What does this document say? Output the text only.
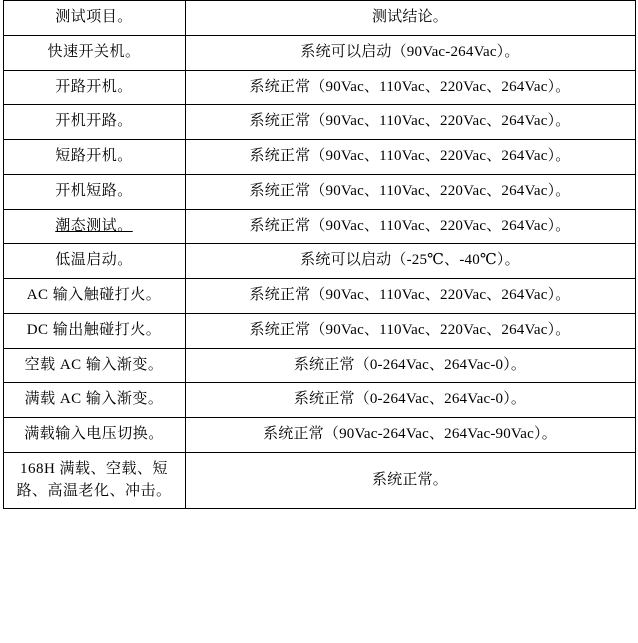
测试项目。	测试结论。
快速开关机。	系统可以启动（90Vac-264Vac）。
开路开机。	系统正常（90Vac、110Vac、220Vac、264Vac）。
开机开路。	系统正常（90Vac、110Vac、220Vac、264Vac）。
短路开机。	系统正常（90Vac、110Vac、220Vac、264Vac）。
开机短路。	系统正常（90Vac、110Vac、220Vac、264Vac）。
潮态测试。	系统正常（90Vac、110Vac、220Vac、264Vac）。
低温启动。	系统可以启动（-25℃、-40℃）。
AC 输入触碰打火。	系统正常（90Vac、110Vac、220Vac、264Vac）。
DC 输出触碰打火。	系统正常（90Vac、110Vac、220Vac、264Vac）。
空载 AC 输入渐变。	系统正常（0-264Vac、264Vac-0）。
满载 AC 输入渐变。	系统正常（0-264Vac、264Vac-0）。
满载输入电压切换。	系统正常（90Vac-264Vac、264Vac-90Vac）。
168H 满载、空载、短路、高温老化、冲击。	系统正常。
